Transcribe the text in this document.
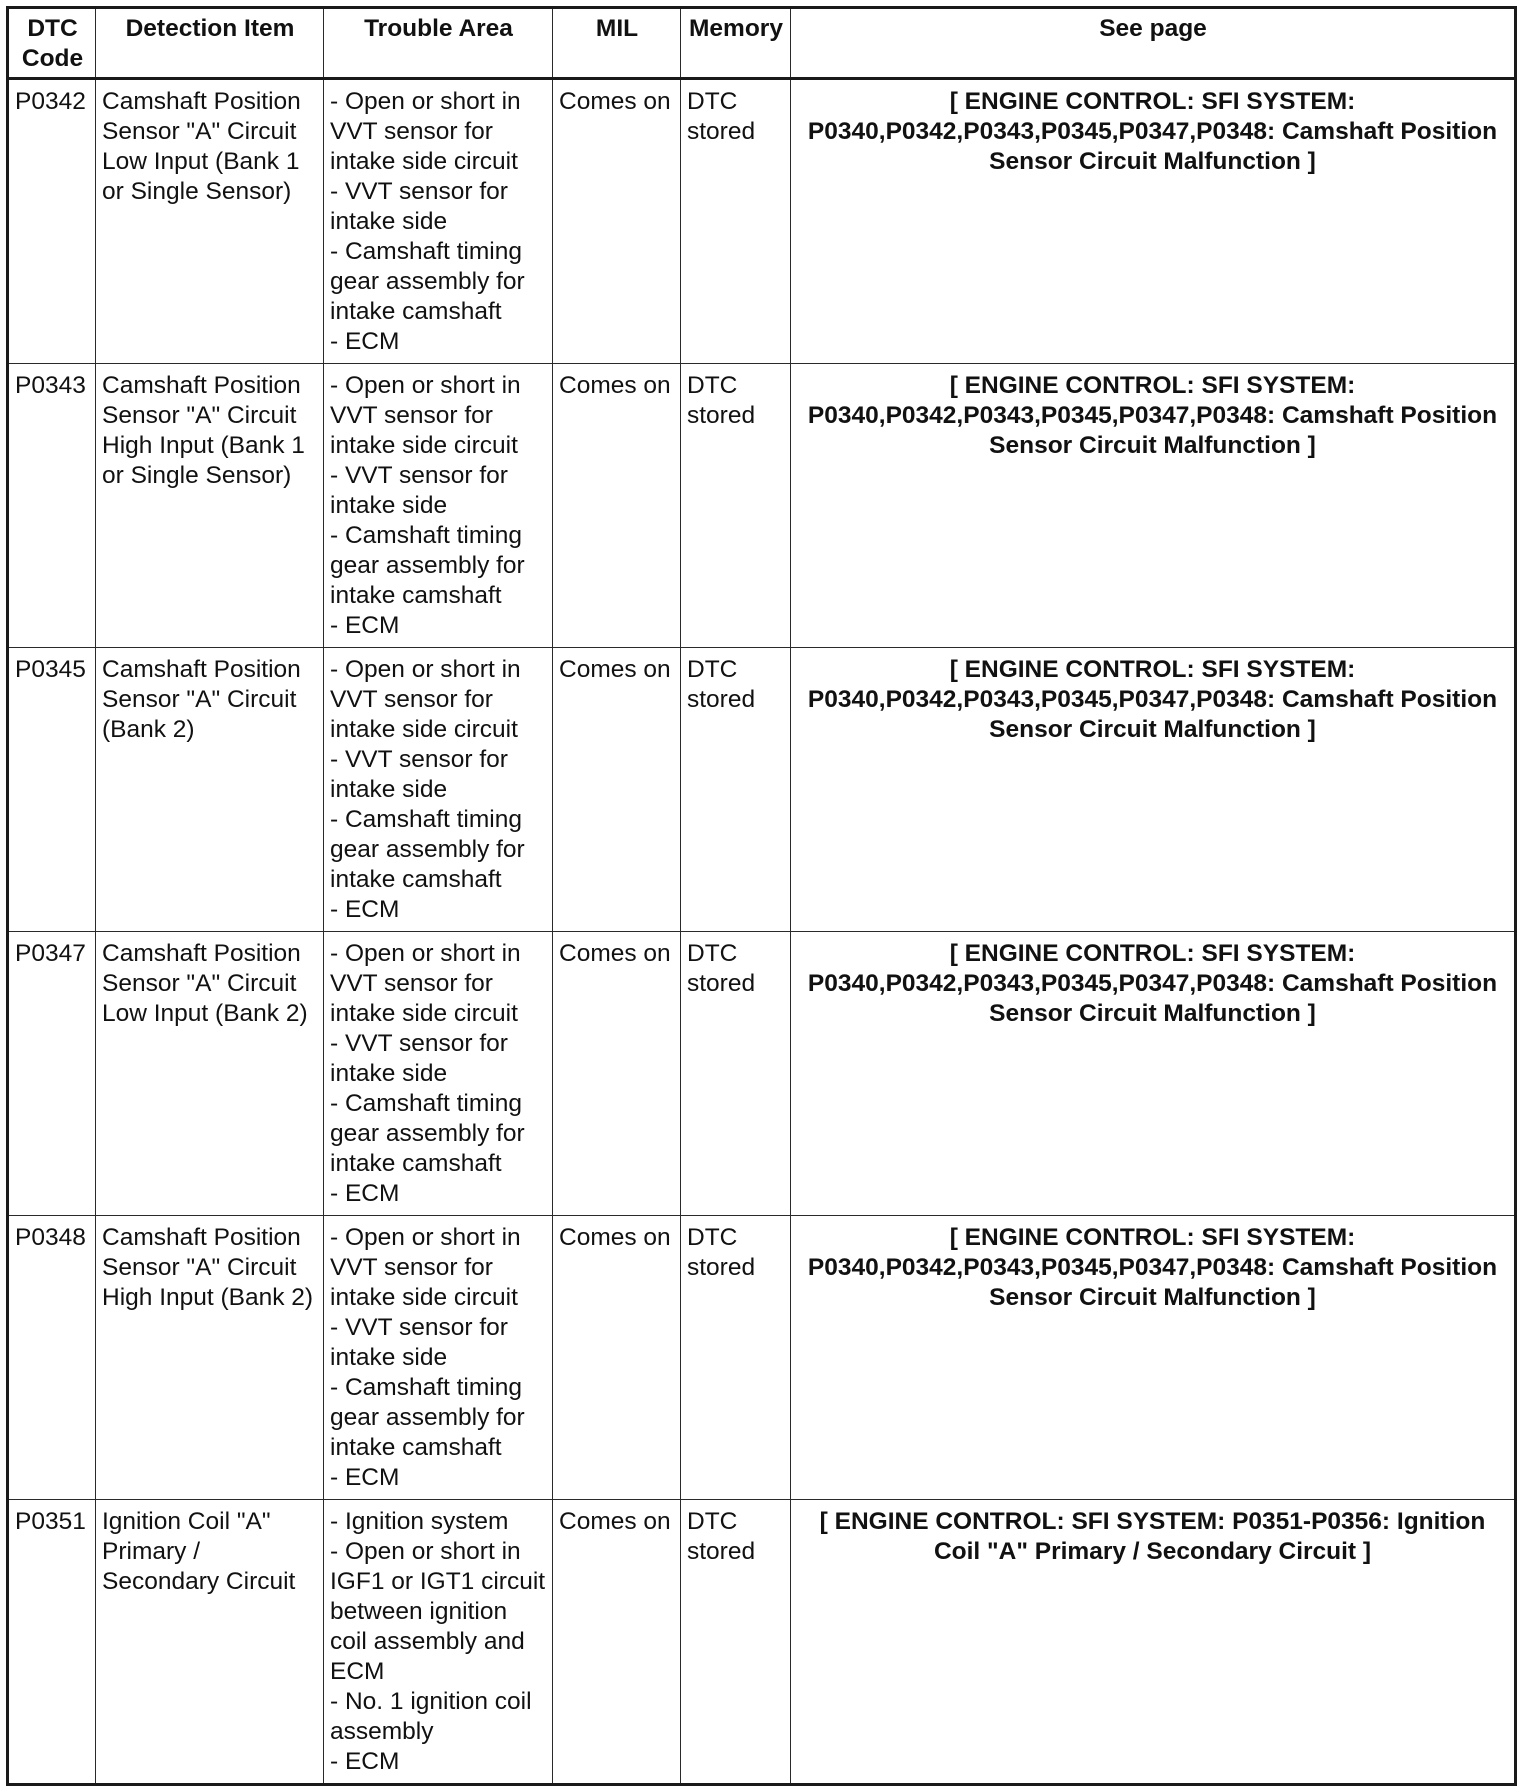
DTC
Code	Detection Item	Trouble Area	MIL	Memory	See page
P0342	Camshaft Position Sensor "A" Circuit Low Input (Bank 1 or Single Sensor)	- Open or short in VVT sensor for intake side circuit
- VVT sensor for intake side
- Camshaft timing gear assembly for intake camshaft
- ECM	Comes on	DTC stored	[ ENGINE CONTROL: SFI SYSTEM: P0340,P0342,P0343,P0345,P0347,P0348: Camshaft Position Sensor Circuit Malfunction ]
P0343	Camshaft Position Sensor "A" Circuit High Input (Bank 1 or Single Sensor)	- Open or short in VVT sensor for intake side circuit
- VVT sensor for intake side
- Camshaft timing gear assembly for intake camshaft
- ECM	Comes on	DTC stored	[ ENGINE CONTROL: SFI SYSTEM: P0340,P0342,P0343,P0345,P0347,P0348: Camshaft Position Sensor Circuit Malfunction ]
P0345	Camshaft Position Sensor "A" Circuit (Bank 2)	- Open or short in VVT sensor for intake side circuit
- VVT sensor for intake side
- Camshaft timing gear assembly for intake camshaft
- ECM	Comes on	DTC stored	[ ENGINE CONTROL: SFI SYSTEM: P0340,P0342,P0343,P0345,P0347,P0348: Camshaft Position Sensor Circuit Malfunction ]
P0347	Camshaft Position Sensor "A" Circuit Low Input (Bank 2)	- Open or short in VVT sensor for intake side circuit
- VVT sensor for intake side
- Camshaft timing gear assembly for intake camshaft
- ECM	Comes on	DTC stored	[ ENGINE CONTROL: SFI SYSTEM: P0340,P0342,P0343,P0345,P0347,P0348: Camshaft Position Sensor Circuit Malfunction ]
P0348	Camshaft Position Sensor "A" Circuit High Input (Bank 2)	- Open or short in VVT sensor for intake side circuit
- VVT sensor for intake side
- Camshaft timing gear assembly for intake camshaft
- ECM	Comes on	DTC stored	[ ENGINE CONTROL: SFI SYSTEM: P0340,P0342,P0343,P0345,P0347,P0348: Camshaft Position Sensor Circuit Malfunction ]
P0351	Ignition Coil "A" Primary / Secondary Circuit	- Ignition system
- Open or short in IGF1 or IGT1 circuit between ignition coil assembly and ECM
- No. 1 ignition coil assembly
- ECM	Comes on	DTC stored	[ ENGINE CONTROL: SFI SYSTEM: P0351-P0356: Ignition Coil "A" Primary / Secondary Circuit ]
